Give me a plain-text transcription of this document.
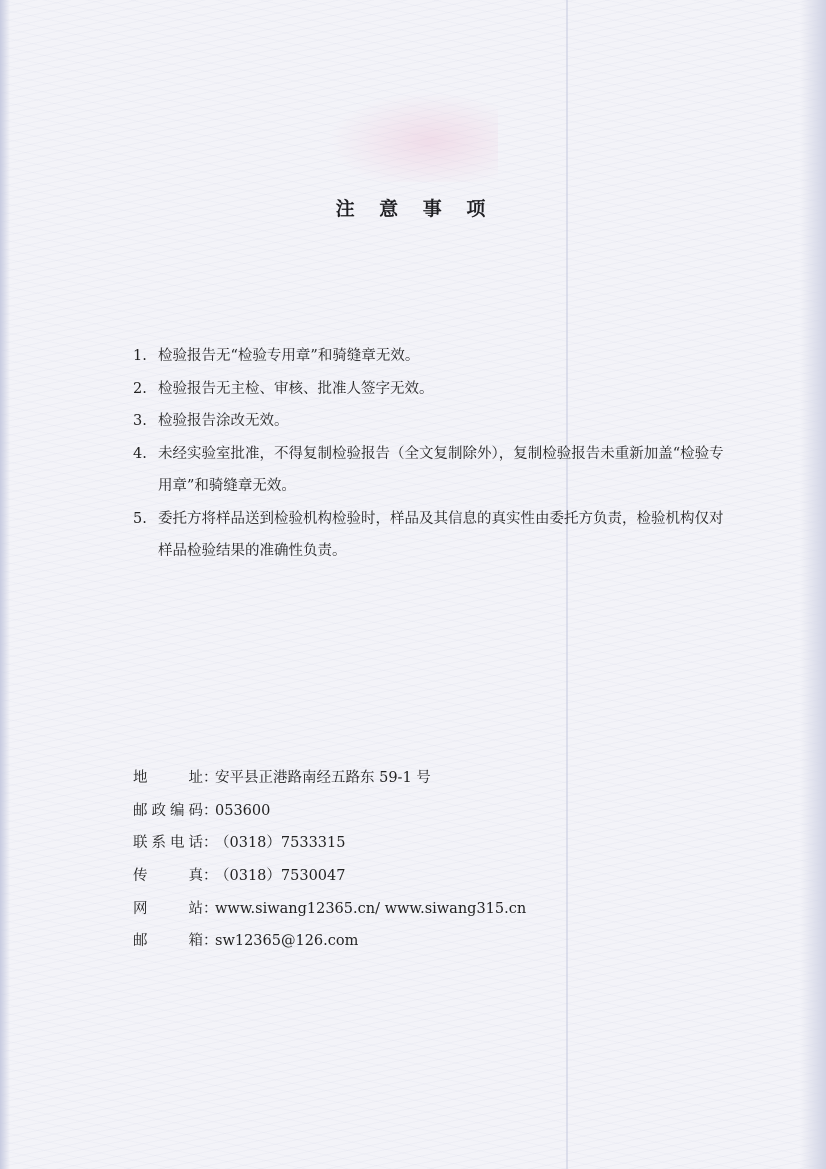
注 意 事 项
1. 检验报告无“检验专用章”和骑缝章无效。
2. 检验报告无主检、审核、批准人签字无效。
3. 检验报告涂改无效。
4. 未经实验室批准，不得复制检验报告（全文复制除外），复制检验报告未重新加盖“检验专用章”和骑缝章无效。
5. 委托方将样品送到检验机构检验时，样品及其信息的真实性由委托方负责，检验机构仅对样品检验结果的准确性负责。
地址：安平县正港路南经五路东 59-1 号
邮政编码：053600
联系电话：（0318）7533315
传真：（0318）7530047
网站：www.siwang12365.cn/ www.siwang315.cn
邮箱：sw12365@126.com
